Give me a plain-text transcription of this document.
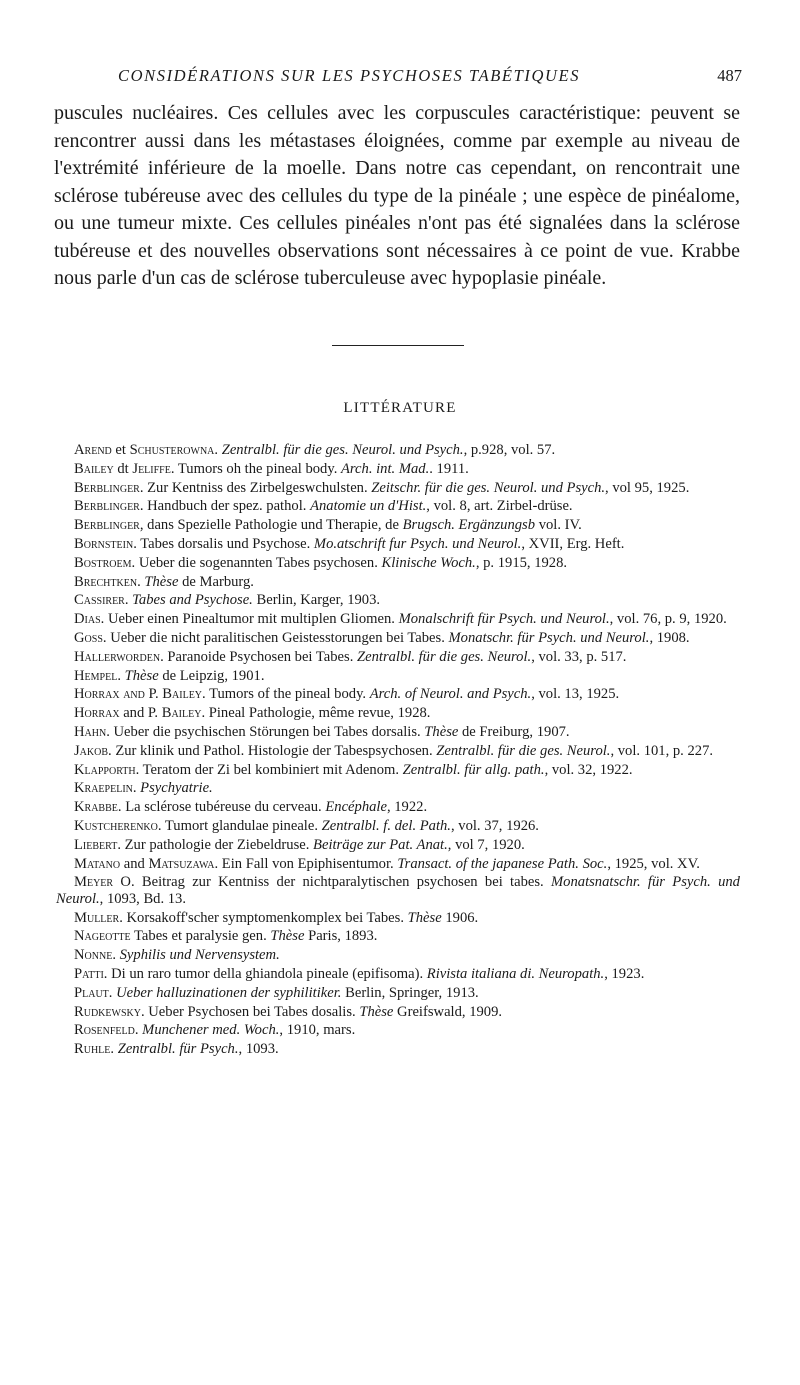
CONSIDÉRATIONS SUR LES PSYCHOSES TABÉTIQUES	487

puscules nucléaires. Ces cellules avec les corpuscules caractéristique: peuvent se rencontrer aussi dans les métastases éloignées, comme par exemple au niveau de l'extrémité inférieure de la moelle. Dans notre cas cependant, on rencontrait une sclérose tubéreuse avec des cellules du type de la pinéale ; une espèce de pinéalome, ou une tumeur mixte. Ces cellules pinéales n'ont pas été signalées dans la sclérose tubéreuse et des nouvelles observations sont nécessaires à ce point de vue. Krabbe nous parle d'un cas de sclérose tuberculeuse avec hypoplasie pinéale.

LITTÉRATURE
Arend et Schusterowna. Zentralbl. für die ges. Neurol. und Psych., p.928, vol. 57.
Bailey dt Jeliffe. Tumors oh the pineal body. Arch. int. Mad.. 1911.
Berblinger. Zur Kentniss des Zirbelgeswchulsten. Zeitschr. für die ges. Neurol. und Psych., vol 95, 1925.
Berblinger. Handbuch der spez. pathol. Anatomie un d'Hist., vol. 8, art. Zirbel-drüse.
Berblinger, dans Spezielle Pathologie und Therapie, de Brugsch. Ergänzungsb vol. IV.
Bornstein. Tabes dorsalis und Psychose. Mo.atschrift fur Psych. und Neurol., XVII, Erg. Heft.
Bostroem. Ueber die sogenannten Tabes psychosen. Klinische Woch., p. 1915, 1928.
Brechtken. Thèse de Marburg.
Cassirer. Tabes and Psychose. Berlin, Karger, 1903.
Dias. Ueber einen Pinealtumor mit multiplen Gliomen. Monalschrift für Psych. und Neurol., vol. 76, p. 9, 1920.
Goss. Ueber die nicht paralitischen Geistesstorungen bei Tabes. Monatschr. für Psych. und Neurol., 1908.
Hallerworden. Paranoide Psychosen bei Tabes. Zentralbl. für die ges. Neurol., vol. 33, p. 517.
Hempel. Thèse de Leipzig, 1901.
Horrax and P. Bailey. Tumors of the pineal body. Arch. of Neurol. and Psych., vol. 13, 1925.
Horrax and P. Bailey. Pineal Pathologie, même revue, 1928.
Hahn. Ueber die psychischen Störungen bei Tabes dorsalis. Thèse de Freiburg, 1907.
Jakob. Zur klinik und Pathol. Histologie der Tabespsychosen. Zentralbl. für die ges. Neurol., vol. 101, p. 227.
Klapporth. Teratom der Zi bel kombiniert mit Adenom. Zentralbl. für allg. path., vol. 32, 1922.
Kraepelin. Psychyatrie.
Krabbe. La sclérose tubéreuse du cerveau. Encéphale, 1922.
Kustcherenko. Tumort glandulae pineale. Zentralbl. f. del. Path., vol. 37, 1926.
Liebert. Zur pathologie der Ziebeldruse. Beiträge zur Pat. Anat., vol 7, 1920.
Matano and Matsuzawa. Ein Fall von Epiphisentumor. Transact. of the japanese Path. Soc., 1925, vol. XV.
Meyer O. Beitrag zur Kentniss der nichtparalytischen psychosen bei tabes. Monatsnatschr. für Psych. und Neurol., 1093, Bd. 13.
Muller. Korsakoff'scher symptomenkomplex bei Tabes. Thèse 1906.
Nageotte Tabes et paralysie gen. Thèse Paris, 1893.
Nonne. Syphilis und Nervensystem.
Patti. Di un raro tumor della ghiandola pineale (epifisoma). Rivista italiana di. Neuropath., 1923.
Plaut. Ueber halluzinationen der syphilitiker. Berlin, Springer, 1913.
Rudkewsky. Ueber Psychosen bei Tabes dosalis. Thèse Greifswald, 1909.
Rosenfeld. Munchener med. Woch., 1910, mars.
Ruhle. Zentralbl. für Psych., 1093.
